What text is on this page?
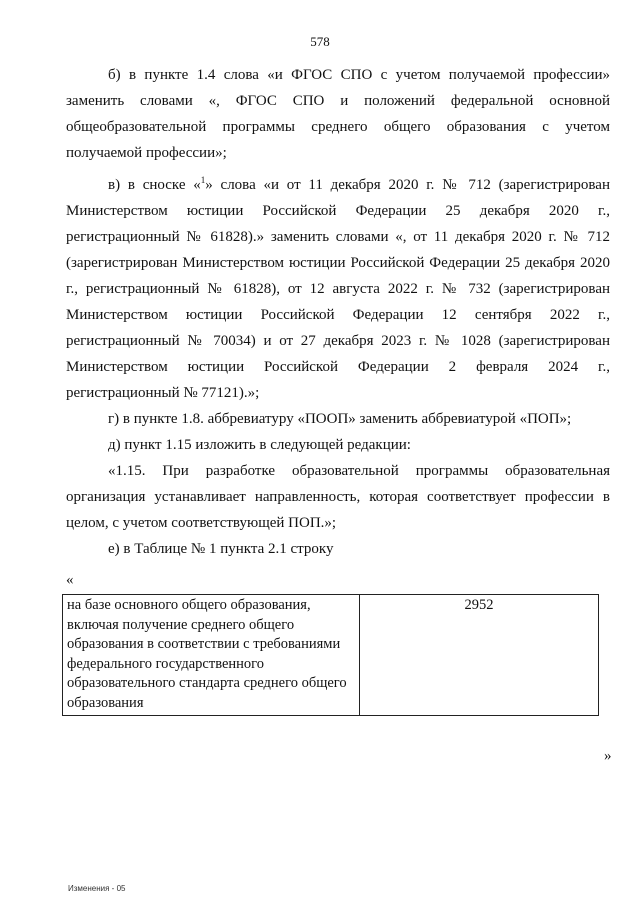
578

б) в пункте 1.4 слова «и ФГОС СПО с учетом получаемой профессии» заменить словами «, ФГОС СПО и положений федеральной основной общеобразовательной программы среднего общего образования с учетом получаемой профессии»;

в) в сноске «$^1$» слова «и от 11 декабря 2020 г. № 712 (зарегистрирован Министерством юстиции Российской Федерации 25 декабря 2020 г., регистрационный № 61828).» заменить словами «, от 11 декабря 2020 г. № 712 (зарегистрирован Министерством юстиции Российской Федерации 25 декабря 2020 г., регистрационный № 61828), от 12 августа 2022 г. № 732 (зарегистрирован Министерством юстиции Российской Федерации 12 сентября 2022 г., регистрационный № 70034) и от 27 декабря 2023 г. № 1028 (зарегистрирован Министерством юстиции Российской Федерации 2 февраля 2024 г., регистрационный № 77121).»;

г) в пункте 1.8. аббревиатуру «ПООП» заменить аббревиатурой «ПОП»;

д) пункт 1.15 изложить в следующей редакции:

«1.15. При разработке образовательной программы образовательная организация устанавливает направленность, которая соответствует профессии в целом, с учетом соответствующей ПОП.»;

е) в Таблице № 1 пункта 2.1 строку

«
на базе основного общего образования, включая получение среднего общего образования в соответствии с требованиями федерального государственного образовательного стандарта среднего общего образования	2952
»
Изменения - 05
